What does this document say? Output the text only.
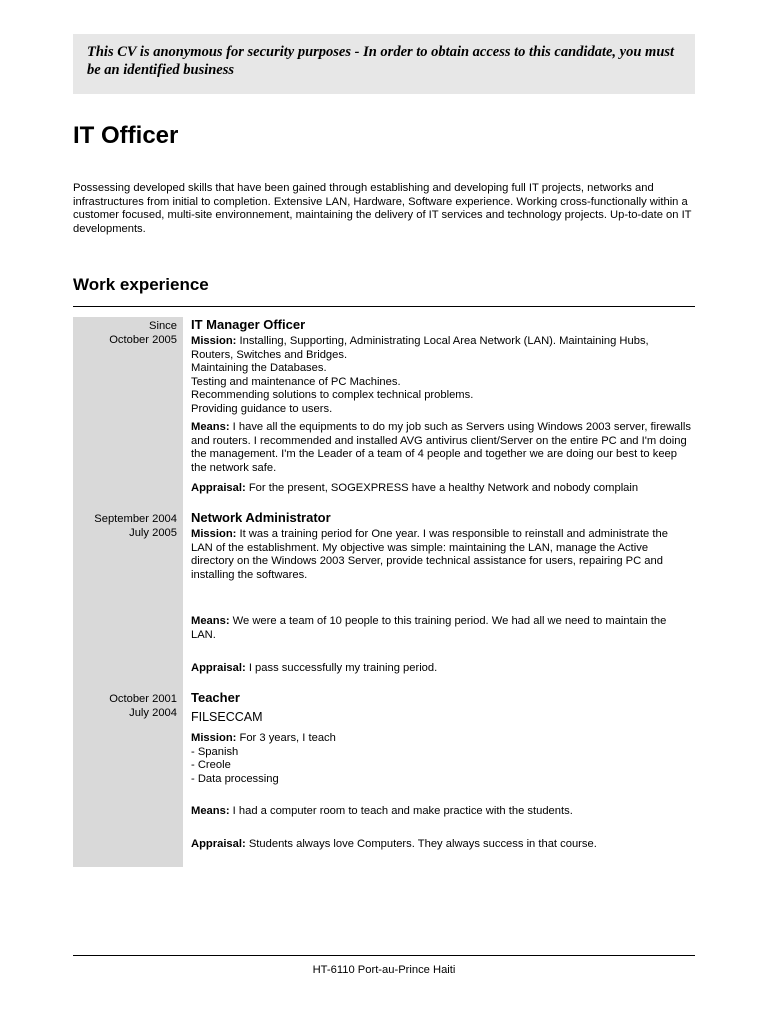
This CV is anonymous for security purposes - In order to obtain access to this candidate, you must be an identified business
IT Officer

Possessing developed skills that have been gained through establishing and developing full IT projects, networks and infrastructures from initial to completion. Extensive LAN, Hardware, Software experience. Working cross-functionally within a customer focused, multi-site environnement, maintaining the delivery of IT services and technology projects. Up-to-date on IT developments.

Work experience
Since
October 2005
IT Manager Officer

Mission: Installing, Supporting, Administrating Local Area Network (LAN). Maintaining Hubs, Routers, Switches and Bridges.
Maintaining the Databases.
Testing and maintenance of PC Machines.
Recommending solutions to complex technical problems.
Providing guidance to users.

Means: I have all the equipments to do my job such as Servers using Windows 2003 server, firewalls and routers. I recommended and installed AVG antivirus client/Server on the entire PC and I'm doing the management. I'm the Leader of a team of 4 people and together we are doing our best to keep the network safe.

Appraisal: For the present, SOGEXPRESS have a healthy Network and nobody complain

September 2004
July 2005
Network Administrator

Mission: It was a training period for One year. I was responsible to reinstall and administrate the LAN of the establishment. My objective was simple: maintaining the LAN, manage the Active directory on the Windows 2003 Server, provide technical assistance for users, repairing PC and installing the softwares.

Means: We were a team of 10 people to this training period. We had all we need to maintain the LAN.

Appraisal: I pass successfully my training period.

October 2001
July 2004
Teacher
FILSECCAM

Mission: For 3 years, I teach
- Spanish
- Creole
- Data processing

Means: I had a computer room to teach and make practice with the students.

Appraisal: Students always love Computers. They always success in that course.

HT-6110 Port-au-Prince Haiti
